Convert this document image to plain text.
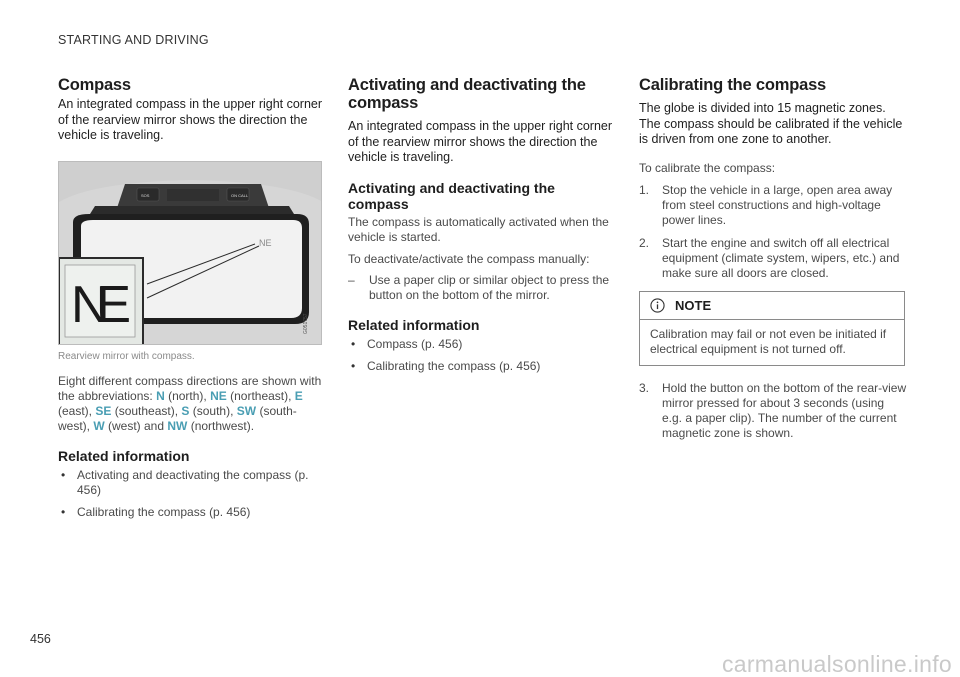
STARTING AND DRIVING
Compass
An integrated compass in the upper right corner of the rearview mirror shows the direction the vehicle is traveling.
G051757
NE
NE
SOS	ON CALL
Rearview mirror with compass.

Eight different compass directions are shown with the abbreviations: N (north), NE (northeast), E (east), SE (southeast), S (south), SW (south-west), W (west) and NW (northwest).

Related information
• Activating and deactivating the compass (p. 456)
• Calibrating the compass (p. 456)
Activating and deactivating the compass
An integrated compass in the upper right corner of the rearview mirror shows the direction the vehicle is traveling.
Activating and deactivating the compass

The compass is automatically activated when the vehicle is started.

To deactivate/activate the compass manually:

– Use a paper clip or similar object to press the button on the bottom of the mirror.
Related information
• Compass (p. 456)
• Calibrating the compass (p. 456)
Calibrating the compass
The globe is divided into 15 magnetic zones. The compass should be calibrated if the vehicle is driven from one zone to another.

To calibrate the compass:

1. Stop the vehicle in a large, open area away from steel constructions and high-voltage power lines.
2. Start the engine and switch off all electrical equipment (climate system, wipers, etc.) and make sure all doors are closed.
NOTE
Calibration may fail or not even be initiated if electrical equipment is not turned off.
3. Hold the button on the bottom of the rear-view mirror pressed for about 3 seconds (using e.g. a paper clip). The number of the current magnetic zone is shown.
456
carmanualsonline.info
